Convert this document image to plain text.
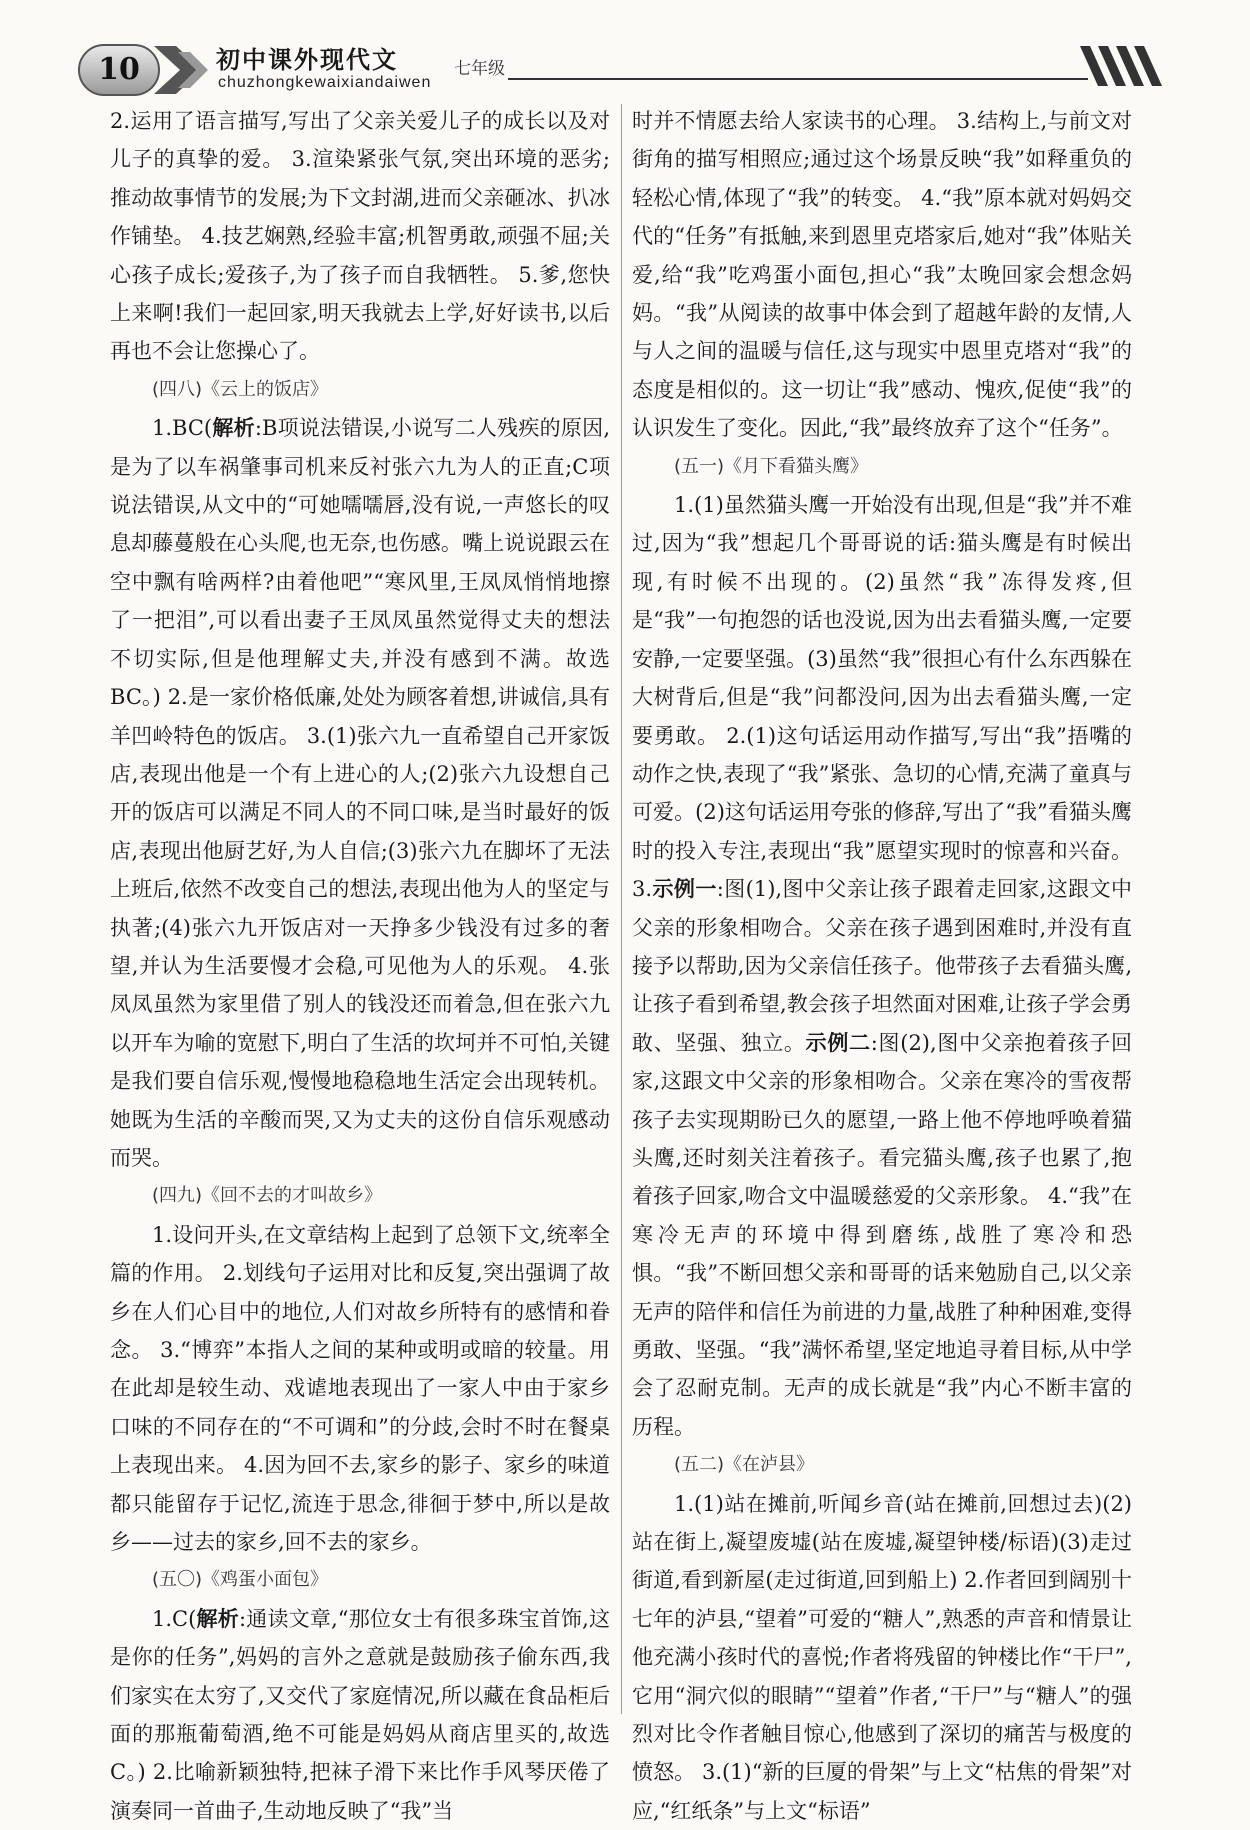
10	初中课外现代文
chuzhongkewaixiandaiwen
七年级

2.运用了语言描写,写出了父亲关爱儿子的成长以及对儿子的真挚的爱。 3.渲染紧张气氛,突出环境的恶劣;推动故事情节的发展;为下文封湖,进而父亲砸冰、扒冰作铺垫。 4.技艺娴熟,经验丰富;机智勇敢,顽强不屈;关心孩子成长;爱孩子,为了孩子而自我牺牲。 5.爹,您快上来啊!我们一起回家,明天我就去上学,好好读书,以后再也不会让您操心了。

(四八)《云上的饭店》

1.BC(解析:B项说法错误,小说写二人残疾的原因,是为了以车祸肇事司机来反衬张六九为人的正直;C项说法错误,从文中的“可她嚅嚅唇,没有说,一声悠长的叹息却藤蔓般在心头爬,也无奈,也伤感。嘴上说说跟云在空中飘有啥两样?由着他吧”“寒风里,王凤凤悄悄地擦了一把泪”,可以看出妻子王凤凤虽然觉得丈夫的想法不切实际,但是他理解丈夫,并没有感到不满。故选BC。) 2.是一家价格低廉,处处为顾客着想,讲诚信,具有羊凹岭特色的饭店。 3.(1)张六九一直希望自己开家饭店,表现出他是一个有上进心的人;(2)张六九设想自己开的饭店可以满足不同人的不同口味,是当时最好的饭店,表现出他厨艺好,为人自信;(3)张六九在脚坏了无法上班后,依然不改变自己的想法,表现出他为人的坚定与执著;(4)张六九开饭店对一天挣多少钱没有过多的奢望,并认为生活要慢才会稳,可见他为人的乐观。 4.张凤凤虽然为家里借了别人的钱没还而着急,但在张六九以开车为喻的宽慰下,明白了生活的坎坷并不可怕,关键是我们要自信乐观,慢慢地稳稳地生活定会出现转机。她既为生活的辛酸而哭,又为丈夫的这份自信乐观感动而哭。

(四九)《回不去的才叫故乡》

1.设问开头,在文章结构上起到了总领下文,统率全篇的作用。 2.划线句子运用对比和反复,突出强调了故乡在人们心目中的地位,人们对故乡所特有的感情和眷念。 3.“博弈”本指人之间的某种或明或暗的较量。用在此却是较生动、戏谑地表现出了一家人中由于家乡口味的不同存在的“不可调和”的分歧,会时不时在餐桌上表现出来。 4.因为回不去,家乡的影子、家乡的味道都只能留存于记忆,流连于思念,徘徊于梦中,所以是故乡——过去的家乡,回不去的家乡。

(五〇)《鸡蛋小面包》

1.C(解析:通读文章,“那位女士有很多珠宝首饰,这是你的任务”,妈妈的言外之意就是鼓励孩子偷东西,我们家实在太穷了,又交代了家庭情况,所以藏在食品柜后面的那瓶葡萄酒,绝不可能是妈妈从商店里买的,故选C。) 2.比喻新颖独特,把袜子滑下来比作手风琴厌倦了演奏同一首曲子,生动地反映了“我”当

时并不情愿去给人家读书的心理。 3.结构上,与前文对街角的描写相照应;通过这个场景反映“我”如释重负的轻松心情,体现了“我”的转变。 4.“我”原本就对妈妈交代的“任务”有抵触,来到恩里克塔家后,她对“我”体贴关爱,给“我”吃鸡蛋小面包,担心“我”太晚回家会想念妈妈。“我”从阅读的故事中体会到了超越年龄的友情,人与人之间的温暖与信任,这与现实中恩里克塔对“我”的态度是相似的。这一切让“我”感动、愧疚,促使“我”的认识发生了变化。因此,“我”最终放弃了这个“任务”。

(五一)《月下看猫头鹰》

1.(1)虽然猫头鹰一开始没有出现,但是“我”并不难过,因为“我”想起几个哥哥说的话:猫头鹰是有时候出现,有时候不出现的。(2)虽然“我”冻得发疼,但是“我”一句抱怨的话也没说,因为出去看猫头鹰,一定要安静,一定要坚强。(3)虽然“我”很担心有什么东西躲在大树背后,但是“我”问都没问,因为出去看猫头鹰,一定要勇敢。 2.(1)这句话运用动作描写,写出“我”捂嘴的动作之快,表现了“我”紧张、急切的心情,充满了童真与可爱。(2)这句话运用夸张的修辞,写出了“我”看猫头鹰时的投入专注,表现出“我”愿望实现时的惊喜和兴奋。 3.示例一:图(1),图中父亲让孩子跟着走回家,这跟文中父亲的形象相吻合。父亲在孩子遇到困难时,并没有直接予以帮助,因为父亲信任孩子。他带孩子去看猫头鹰,让孩子看到希望,教会孩子坦然面对困难,让孩子学会勇敢、坚强、独立。示例二:图(2),图中父亲抱着孩子回家,这跟文中父亲的形象相吻合。父亲在寒冷的雪夜帮孩子去实现期盼已久的愿望,一路上他不停地呼唤着猫头鹰,还时刻关注着孩子。看完猫头鹰,孩子也累了,抱着孩子回家,吻合文中温暖慈爱的父亲形象。 4.“我”在寒冷无声的环境中得到磨练,战胜了寒冷和恐惧。“我”不断回想父亲和哥哥的话来勉励自己,以父亲无声的陪伴和信任为前进的力量,战胜了种种困难,变得勇敢、坚强。“我”满怀希望,坚定地追寻着目标,从中学会了忍耐克制。无声的成长就是“我”内心不断丰富的历程。

(五二)《在泸县》

1.(1)站在摊前,听闻乡音(站在摊前,回想过去)(2)站在街上,凝望废墟(站在废墟,凝望钟楼/标语)(3)走过街道,看到新屋(走过街道,回到船上) 2.作者回到阔别十七年的泸县,“望着”可爱的“糖人”,熟悉的声音和情景让他充满小孩时代的喜悦;作者将残留的钟楼比作“干尸”,它用“洞穴似的眼睛”“望着”作者,“干尸”与“糖人”的强烈对比令作者触目惊心,他感到了深切的痛苦与极度的愤怒。 3.(1)“新的巨厦的骨架”与上文“枯焦的骨架”对应,“红纸条”与上文“标语”
